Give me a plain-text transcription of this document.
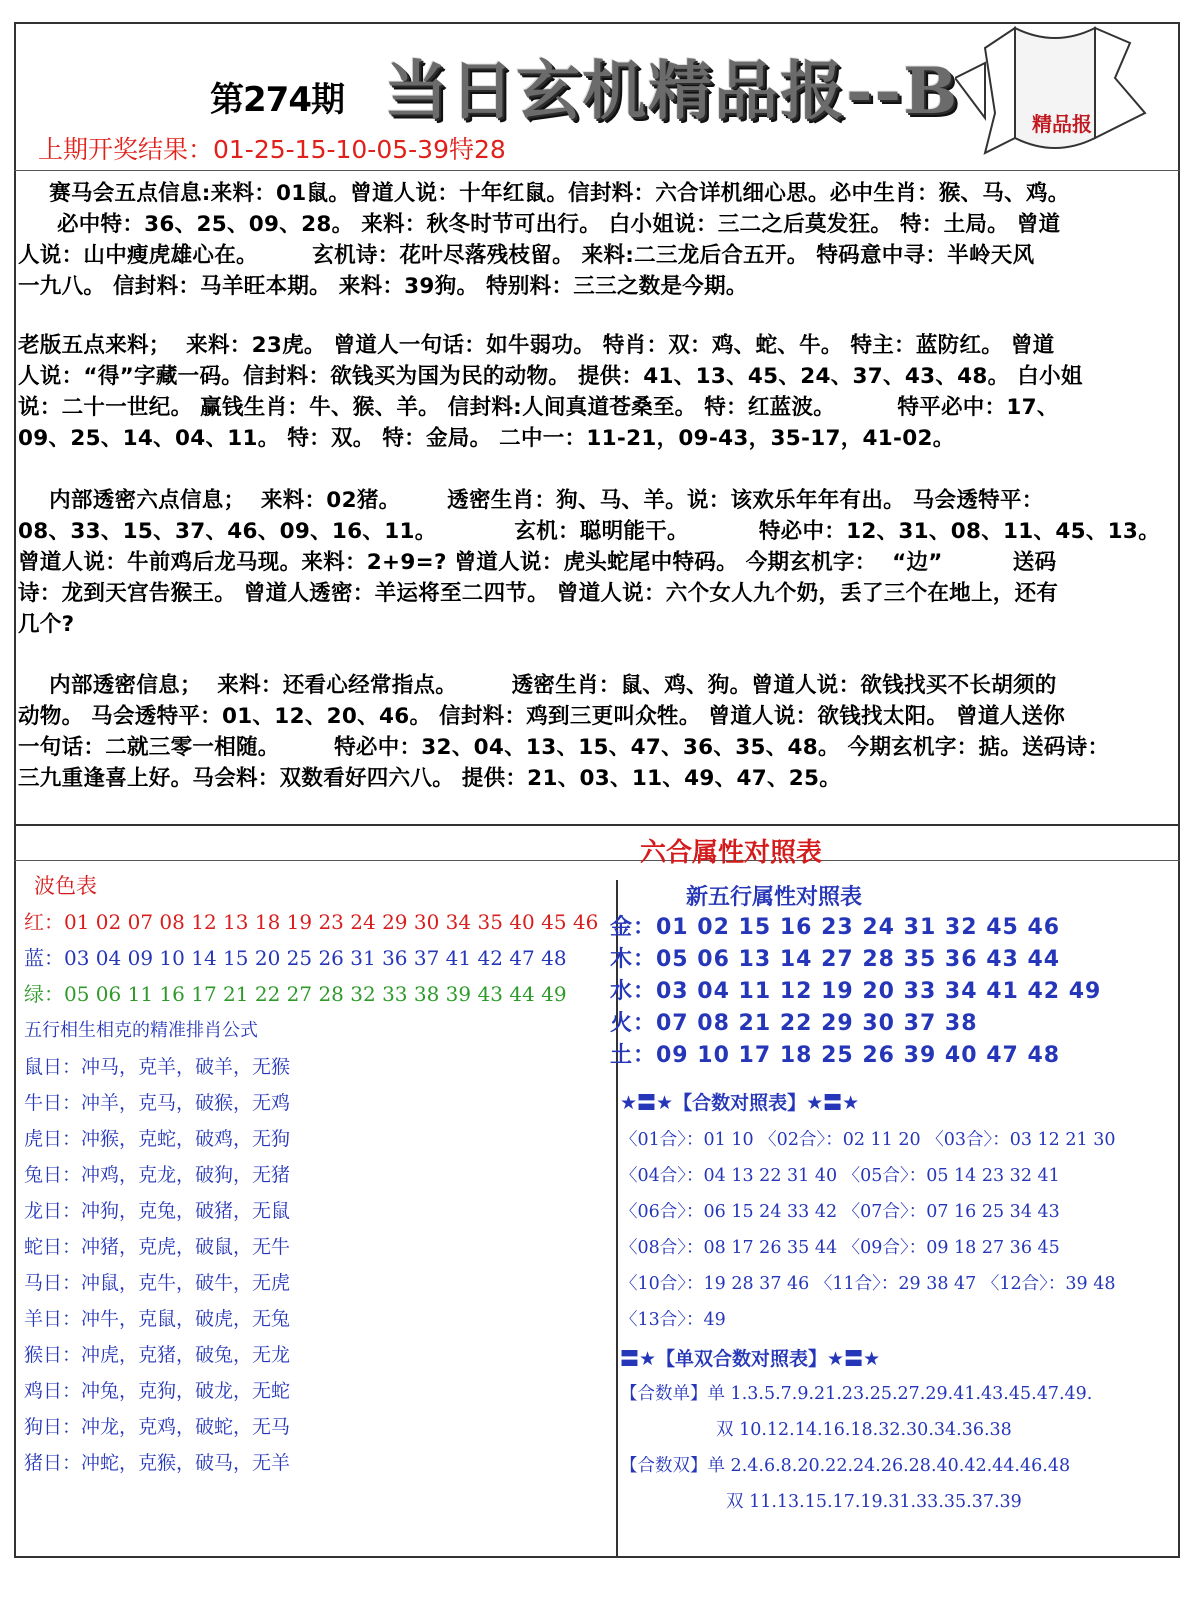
第274期 当日玄机精品报--B	精品报
上期开奖结果：01-25-15-10-05-39特28
赛马会五点信息:来料：01鼠。曾道人说：十年红鼠。信封料：六合详机细心思。必中生肖：猴、马、鸡。
必中特：36、25、09、28。 来料：秋冬时节可出行。 白小姐说：三二之后莫发狂。 特：土局。 曾道
人说：山中瘦虎雄心在。       玄机诗：花叶尽落残枝留。 来料:二三龙后合五开。 特码意中寻：半岭天风
一九八。 信封料：马羊旺本期。 来料：39狗。 特别料：三三之数是今期。
老版五点来料；  来料：23虎。 曾道人一句话：如牛弱功。 特肖：双：鸡、蛇、牛。 特主：蓝防红。 曾道
人说：“得”字藏一码。信封料：欲钱买为国为民的动物。 提供：41、13、45、24、37、43、48。 白小姐
说：二十一世纪。 赢钱生肖：牛、猴、羊。 信封料:人间真道苍桑至。 特：红蓝波。        特平必中：17、
09、25、14、04、11。 特：双。 特：金局。 二中一：11-21，09-43，35-17，41-02。
内部透密六点信息；  来料：02猪。      透密生肖：狗、马、羊。说：该欢乐年年有出。 马会透特平：
08、33、15、37、46、09、16、11。          玄机：聪明能干。         特必中：12、31、08、11、45、13。
曾道人说：牛前鸡后龙马现。来料：2+9=? 曾道人说：虎头蛇尾中特码。 今期玄机字：  “边”         送码
诗：龙到天宫告猴王。 曾道人透密：羊运将至二四节。 曾道人说：六个女人九个奶，丢了三个在地上，还有
几个?
内部透密信息；  来料：还看心经常指点。       透密生肖：鼠、鸡、狗。曾道人说：欲钱找买不长胡须的
动物。 马会透特平：01、12、20、46。 信封料：鸡到三更叫众牲。 曾道人说：欲钱找太阳。 曾道人送你
一句话：二就三零一相随。       特必中：32、04、13、15、47、36、35、48。 今期玄机字：掂。送码诗：
三九重逢喜上好。马会料：双数看好四六八。 提供：21、03、11、49、47、25。
六合属性对照表
波色表
红：01 02 07 08 12 13 18 19 23 24 29 30 34 35 40 45 46
蓝：03 04 09 10 14 15 20 25 26 31 36 37 41 42 47 48
绿：05 06 11 16 17 21 22 27 28 32 33 38 39 43 44 49
五行相生相克的精准排肖公式
鼠日：冲马，克羊，破羊，无猴
牛日：冲羊，克马，破猴，无鸡
虎日：冲猴，克蛇，破鸡，无狗
兔日：冲鸡，克龙，破狗，无猪
龙日：冲狗，克兔，破猪，无鼠
蛇日：冲猪，克虎，破鼠，无牛
马日：冲鼠，克牛，破牛，无虎
羊日：冲牛，克鼠，破虎，无兔
猴日：冲虎，克猪，破兔，无龙
鸡日：冲兔，克狗，破龙，无蛇
狗日：冲龙，克鸡，破蛇，无马
猪日：冲蛇，克猴，破马，无羊
新五行属性对照表
金：01 02 15 16 23 24 31 32 45 46
木：05 06 13 14 27 28 35 36 43 44
水：03 04 11 12 19 20 33 34 41 42 49
火：07 08 21 22 29 30 37 38
土：09 10 17 18 25 26 39 40 47 48
★〓★【合数对照表】★〓★
〈01合〉：01 10 〈02合〉：02 11 20 〈03合〉：03 12 21 30
〈04合〉：04 13 22 31 40 〈05合〉：05 14 23 32 41
〈06合〉：06 15 24 33 42 〈07合〉：07 16 25 34 43
〈08合〉：08 17 26 35 44 〈09合〉：09 18 27 36 45
〈10合〉：19 28 37 46 〈11合〉：29 38 47 〈12合〉：39 48
〈13合〉：49
〓★【单双合数对照表】★〓★
【合数单】单 1.3.5.7.9.21.23.25.27.29.41.43.45.47.49.
双 10.12.14.16.18.32.30.34.36.38
【合数双】单 2.4.6.8.20.22.24.26.28.40.42.44.46.48
双 11.13.15.17.19.31.33.35.37.39
